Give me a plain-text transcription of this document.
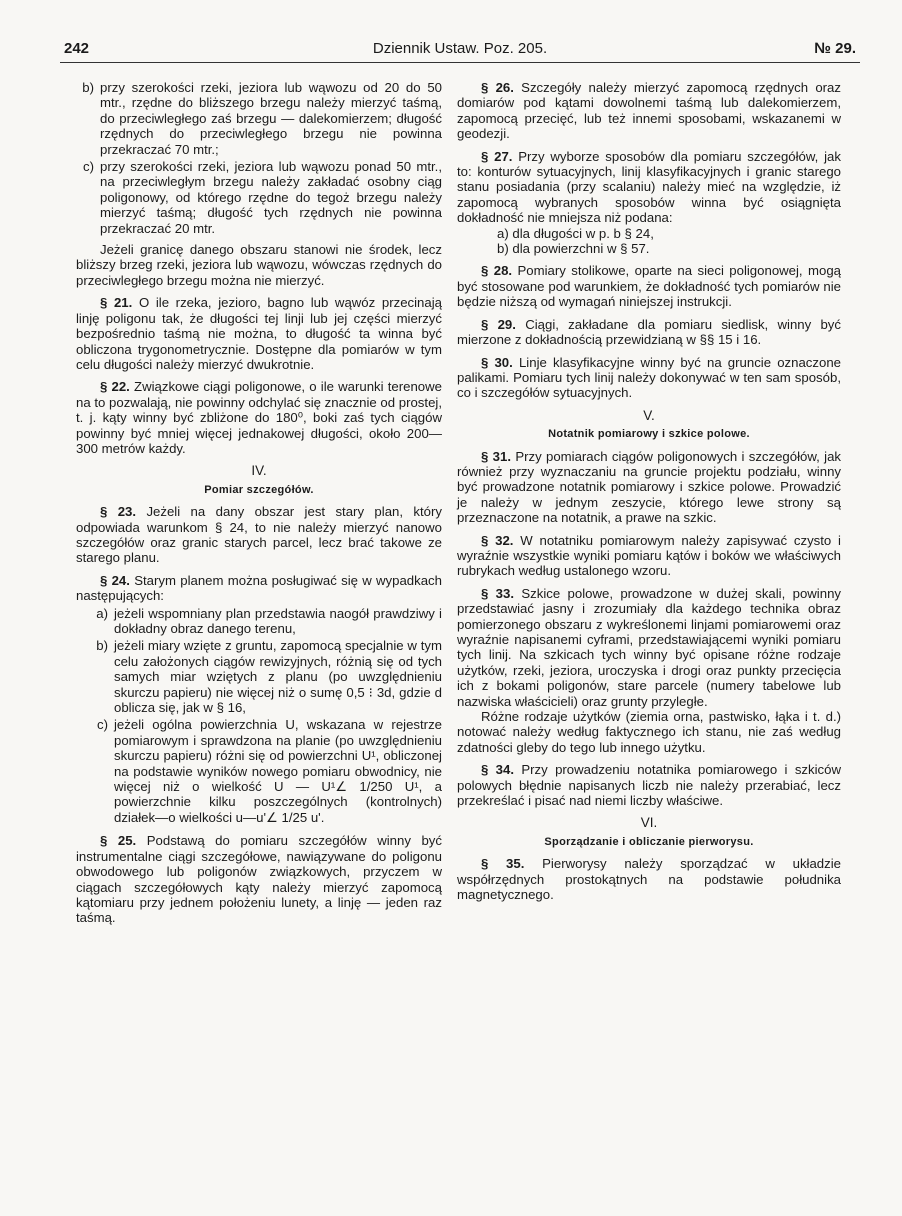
242	Dziennik Ustaw. Poz. 205.	№ 29.
b) przy szerokości rzeki, jeziora lub wąwozu od 20 do 50 mtr., rzędne do bliższego brzegu należy mierzyć taśmą, do przeciwległego zaś brzegu — dalekomierzem; długość rzędnych do przeciwległego brzegu nie powinna przekraczać 70 mtr.;
c) przy szerokości rzeki, jeziora lub wąwozu ponad 50 mtr., na przeciwległym brzegu należy zakładać osobny ciąg poligonowy, od którego rzędne do tegoż brzegu należy mierzyć taśmą; długość tych rzędnych nie powinna przekraczać 20 mtr.

Jeżeli granicę danego obszaru stanowi nie środek, lecz bliższy brzeg rzeki, jeziora lub wąwozu, wówczas rzędnych do przeciwległego brzegu można nie mierzyć.

§ 21. O ile rzeka, jezioro, bagno lub wąwóz przecinają linję poligonu tak, że długości tej linji lub jej części mierzyć bezpośrednio taśmą nie można, to długość ta winna być obliczona trygonometrycznie. Dostępne dla pomiarów w tym celu długości należy mierzyć dwukrotnie.

§ 22. Związkowe ciągi poligonowe, o ile warunki terenowe na to pozwalają, nie powinny odchylać się znacznie od prostej, t. j. kąty winny być zbliżone do 180⁰, boki zaś tych ciągów powinny być mniej więcej jednakowej długości, około 200—300 metrów każdy.

IV.
Pomiar szczegółów.

§ 23. Jeżeli na dany obszar jest stary plan, który odpowiada warunkom § 24, to nie należy mierzyć nanowo szczegółów oraz granic starych parcel, lecz brać takowe ze starego planu.

§ 24. Starym planem można posługiwać się w wypadkach następujących:

a) jeżeli wspomniany plan przedstawia naogół prawdziwy i dokładny obraz danego terenu,
b) jeżeli miary wzięte z gruntu, zapomocą specjalnie w tym celu założonych ciągów rewizyjnych, różnią się od tych samych miar wziętych z planu (po uwzględnieniu skurczu papieru) nie więcej niż o sumę 0,5 ⁝ 3d, gdzie d oblicza się, jak w § 16,
c) jeżeli ogólna powierzchnia U, wskazana w rejestrze pomiarowym i sprawdzona na planie (po uwzględnieniu skurczu papieru) różni się od powierzchni U¹, obliczonej na podstawie wyników nowego pomiaru obwodnicy, nie więcej niż o wielkość U — U¹∠ 1/250 U¹, a powierzchnie kilku poszczególnych (kontrolnych) działek—o wielkości u—u'∠ 1/25 u'.

§ 25. Podstawą do pomiaru szczegółów winny być instrumentalne ciągi szczegółowe, nawiązywane do poligonu obwodowego lub poligonów związkowych, przyczem w ciągach szczegółowych kąty należy mierzyć zapomocą kątomiaru przy jednem położeniu lunety, a linję — jeden raz taśmą.

§ 26. Szczegóły należy mierzyć zapomocą rzędnych oraz domiarów pod kątami dowolnemi taśmą lub dalekomierzem, zapomocą przecięć, lub też innemi sposobami, wskazanemi w geodezji.

§ 27. Przy wyborze sposobów dla pomiaru szczegółów, jak to: konturów sytuacyjnych, linij klasyfikacyjnych i granic starego stanu posiadania (przy scalaniu) należy mieć na względzie, iż zapomocą wybranych sposobów winna być osiągnięta dokładność nie mniejsza niż podana:

a) dla długości w p. b § 24,
b) dla powierzchni w § 57.

§ 28. Pomiary stolikowe, oparte na sieci poligonowej, mogą być stosowane pod warunkiem, że dokładność tych pomiarów nie będzie niższą od wymagań niniejszej instrukcji.

§ 29. Ciągi, zakładane dla pomiaru siedlisk, winny być mierzone z dokładnością przewidzianą w §§ 15 i 16.

§ 30. Linje klasyfikacyjne winny być na gruncie oznaczone palikami. Pomiaru tych linij należy dokonywać w ten sam sposób, co i szczegółów sytuacyjnych.

V.
Notatnik pomiarowy i szkice polowe.

§ 31. Przy pomiarach ciągów poligonowych i szczegółów, jak również przy wyznaczaniu na gruncie projektu podziału, winny być prowadzone notatnik pomiarowy i szkice polowe. Prowadzić je należy w jednym zeszycie, którego lewe strony są przeznaczone na notatnik, a prawe na szkic.

§ 32. W notatniku pomiarowym należy zapisywać czysto i wyraźnie wszystkie wyniki pomiaru kątów i boków we właściwych rubrykach według ustalonego wzoru.

§ 33. Szkice polowe, prowadzone w dużej skali, powinny przedstawiać jasny i zrozumiały dla każdego technika obraz pomierzonego obszaru z wykreślonemi linjami pomiarowemi oraz wyraźnie napisanemi cyframi, przedstawiającemi wyniki pomiaru tych linij. Na szkicach tych winny być opisane różne rodzaje użytków, rzeki, jeziora, uroczyska i drogi oraz punkty przecięcia ich z bokami poligonów, stare parcele (numery tabelowe lub nazwiska właścicieli) oraz grunty przyległe.

Różne rodzaje użytków (ziemia orna, pastwisko, łąka i t. d.) notować należy według faktycznego ich stanu, nie zaś według zdatności gleby do tego lub innego użytku.

§ 34. Przy prowadzeniu notatnika pomiarowego i szkiców polowych błędnie napisanych liczb nie należy przerabiać, lecz przekreślać i pisać nad niemi liczby właściwe.

VI.
Sporządzanie i obliczanie pierworysu.

§ 35. Pierworysy należy sporządzać w układzie współrzędnych prostokątnych na podstawie południka magnetycznego.
